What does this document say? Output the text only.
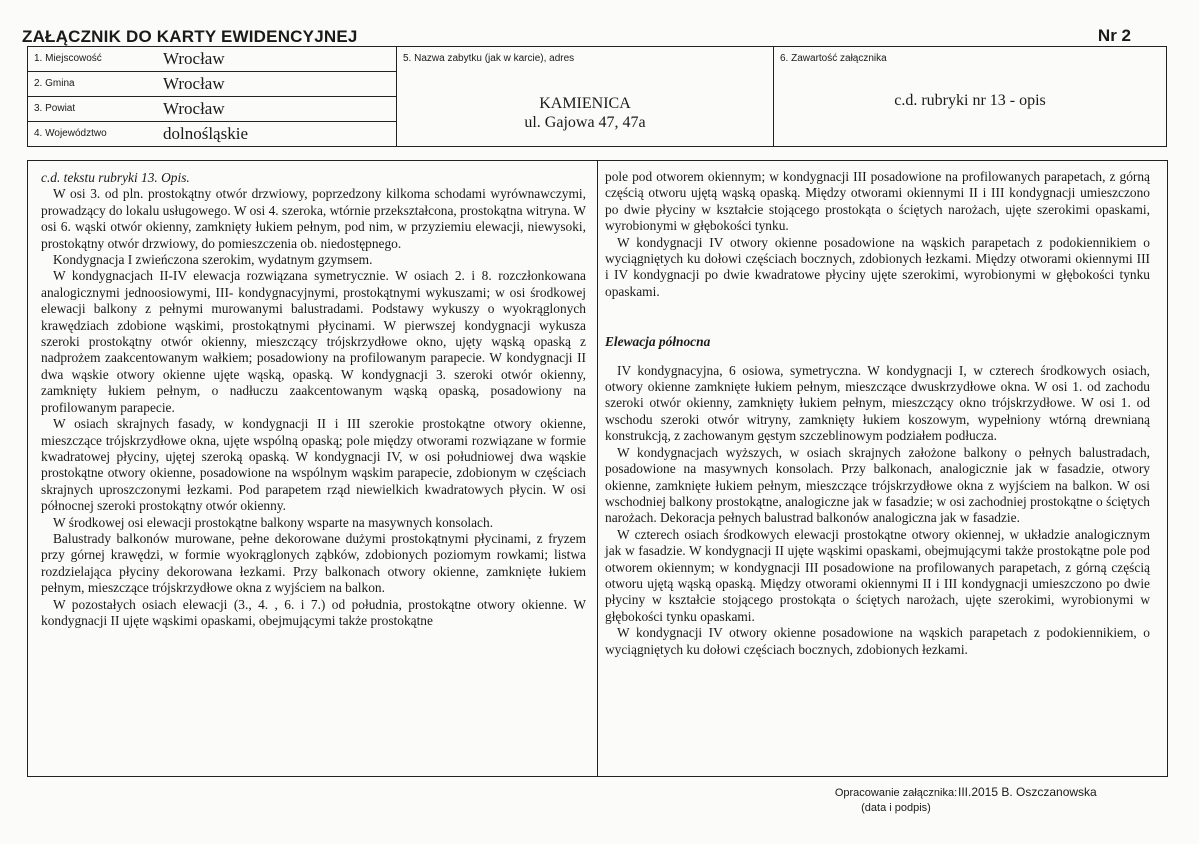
ZAŁĄCZNIK DO KARTY EWIDENCYJNEJ	Nr 2
1. Miejscowość	Wrocław
2. Gmina	Wrocław
3. Powiat	Wrocław
4. Województwo	dolnośląskie
5. Nazwa zabytku (jak w karcie), adres
KAMIENICA
ul. Gajowa 47, 47a
6. Zawartość załącznika
c.d. rubryki nr 13 - opis

c.d. tekstu rubryki 13. Opis.

W osi 3. od pln. prostokątny otwór drzwiowy, poprzedzony kilkoma schodami wyrównawczymi, prowadzący do lokalu usługowego. W osi 4. szeroka, wtórnie przekształcona, prostokątna witryna. W osi 6. wąski otwór okienny, zamknięty łukiem pełnym, pod nim, w przyziemiu elewacji, niewysoki, prostokątny otwór drzwiowy, do pomieszczenia ob. niedostępnego.

Kondygnacja I zwieńczona szerokim, wydatnym gzymsem.

W kondygnacjach II-IV elewacja rozwiązana symetrycznie. W osiach 2. i 8. rozczłonkowana analogicznymi jednoosiowymi, III- kondygnacyjnymi, prostokątnymi wykuszami; w osi środkowej elewacji balkony z pełnymi murowanymi balustradami. Podstawy wykuszy o wyokrąglonych krawędziach zdobione wąskimi, prostokątnymi płycinami. W pierwszej kondygnacji wykusza szeroki prostokątny otwór okienny, mieszczący trójskrzydłowe okno, ujęty wąską opaską z nadprożem zaakcentowanym wałkiem; posadowiony na profilowanym parapecie. W kondygnacji II dwa wąskie otwory okienne ujęte wąską, opaską. W kondygnacji 3. szeroki otwór okienny, zamknięty łukiem pełnym, o nadłuczu zaakcentowanym wąską opaską, posadowiony na profilowanym parapecie.

W osiach skrajnych fasady, w kondygnacji II i III szerokie prostokątne otwory okienne, mieszczące trójskrzydłowe okna, ujęte wspólną opaską; pole między otworami rozwiązane w formie kwadratowej płyciny, ujętej szeroką opaską. W kondygnacji IV, w osi południowej dwa wąskie prostokątne otwory okienne, posadowione na wspólnym wąskim parapecie, zdobionym w częściach skrajnych uproszczonymi łezkami. Pod parapetem rząd niewielkich kwadratowych płycin. W osi północnej szeroki prostokątny otwór okienny.

W środkowej osi elewacji prostokątne balkony wsparte na masywnych konsolach.

Balustrady balkonów murowane, pełne dekorowane dużymi prostokątnymi płycinami, z fryzem przy górnej krawędzi, w formie wyokrąglonych ząbków, zdobionych poziomym rowkami; listwa rozdzielająca płyciny dekorowana łezkami. Przy balkonach otwory okienne, zamknięte łukiem pełnym, mieszczące trójskrzydłowe okna z wyjściem na balkon.

W pozostałych osiach elewacji (3., 4. , 6. i 7.) od południa, prostokątne otwory okienne. W kondygnacji II ujęte wąskimi opaskami, obejmującymi także prostokątne

pole pod otworem okiennym; w kondygnacji III posadowione na profilowanych parapetach, z górną częścią otworu ujętą wąską opaską. Między otworami okiennymi II i III kondygnacji umieszczono po dwie płyciny w kształcie stojącego prostokąta o ściętych narożach, ujęte szerokimi opaskami, wyrobionymi w głębokości tynku.

W kondygnacji IV otwory okienne posadowione na wąskich parapetach z podokiennikiem o wyciągniętych ku dołowi częściach bocznych, zdobionych łezkami. Między otworami okiennymi III i IV kondygnacji po dwie kwadratowe płyciny ujęte szerokimi, wyrobionymi w głębokości tynku opaskami.

Elewacja północna

IV kondygnacyjna, 6 osiowa, symetryczna. W kondygnacji I, w czterech środkowych osiach, otwory okienne zamknięte łukiem pełnym, mieszczące dwuskrzydłowe okna. W osi 1. od zachodu szeroki otwór okienny, zamknięty łukiem pełnym, mieszczący okno trójskrzydłowe. W osi 1. od wschodu szeroki otwór witryny, zamknięty łukiem koszowym, wypełniony wtórną drewnianą konstrukcją, z zachowanym gęstym szczeblinowym podziałem podłucza.

W kondygnacjach wyższych, w osiach skrajnych założone balkony o pełnych balustradach, posadowione na masywnych konsolach. Przy balkonach, analogicznie jak w fasadzie, otwory okienne, zamknięte łukiem pełnym, mieszczące trójskrzydłowe okna z wyjściem na balkon. W osi wschodniej balkony prostokątne, analogiczne jak w fasadzie; w osi zachodniej prostokątne o ściętych narożach. Dekoracja pełnych balustrad balkonów analogiczna jak w fasadzie.

W czterech osiach środkowych elewacji prostokątne otwory okiennej, w układzie analogicznym jak w fasadzie. W kondygnacji II ujęte wąskimi opaskami, obejmującymi także prostokątne pole pod otworem okiennym; w kondygnacji III posadowione na profilowanych parapetach, z górną częścią otworu ujętą wąską opaską. Między otworami okiennymi II i III kondygnacji umieszczono po dwie płyciny w kształcie stojącego prostokąta o ściętych narożach, ujęte szerokimi, wyrobionymi w głębokości tynku opaskami.

W kondygnacji IV otwory okienne posadowione na wąskich parapetach z podokiennikiem, o wyciągniętych ku dołowi częściach bocznych, zdobionych łezkami.

Opracowanie załącznika:
(data i podpis)
III.2015 B. Oszczanowska
